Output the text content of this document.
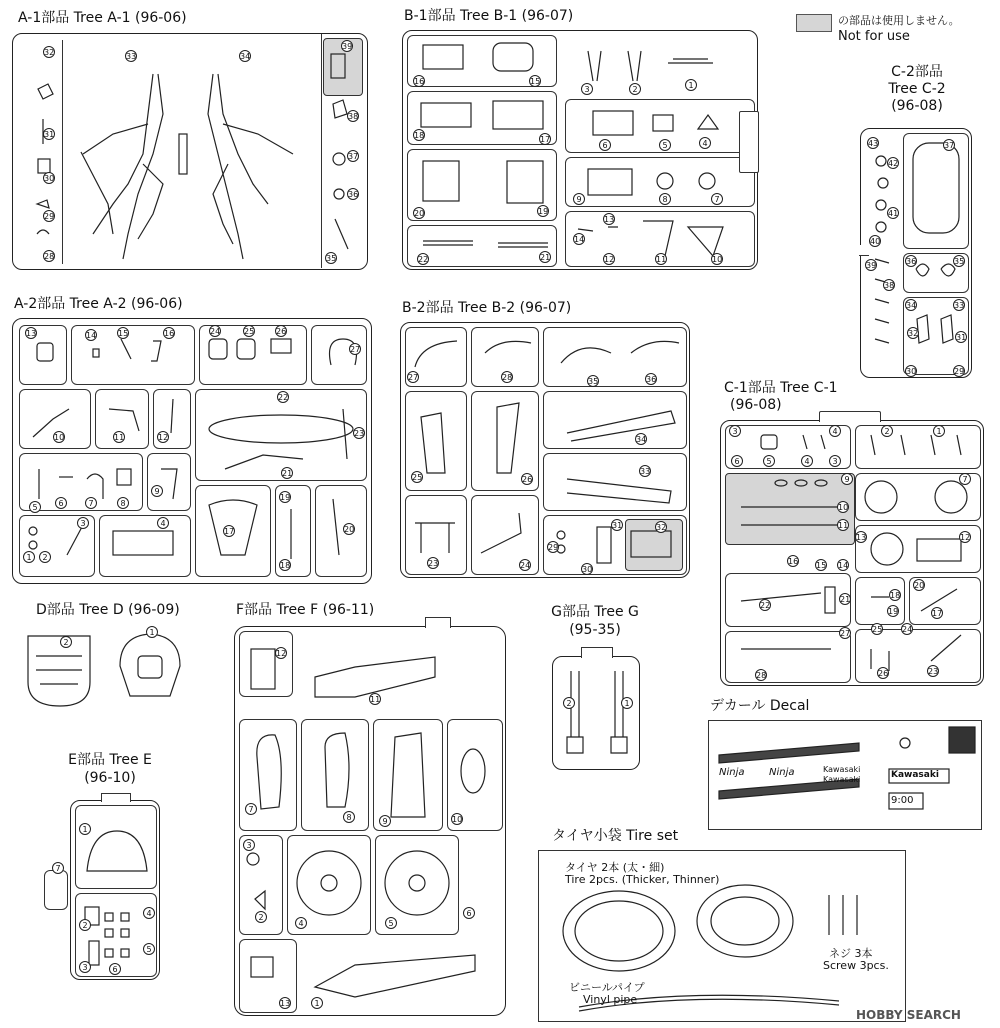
の部品は使用しません。
Not for use
A-1部品 Tree A-1 (96-06)
32
31
30
29
28
33	34
39
38
37
36
35
B-1部品 Tree B-1 (96-07)
16	15
3	2	1
18	17
6	5	4
20	19
9	8	7
13
14
12	11	10
22	21
C-2部品
Tree C-2
(96-08)
43
42
41
40
39
37
38
36	35
34	33
32	31
30	29
A-2部品 Tree A-2 (96-06)
13	14	15	16	24	25	26
27
10	11	12
22
23
21
5	6	7	8
9
17
19
18
20
1	2
3	4
B-2部品 Tree B-2 (96-07)
27	28	35	36
25	26
34
33
29
30
31	32
23	24
C-1部品 Tree C-1
(96-08)
3	4	2	1
6	5	4	3
9	7
10
11
16 15 14
13	12
22
21	18
19
20
17
27
28
25
26
24
23
D部品 Tree D (96-09)
2
1
E部品 Tree E
(96-10)
1
2
3
4
5
6
7
F部品 Tree F (96-11)
12
11
7
8	9	10
3
2
4	5
6
13	1
G部品 Tree G
(95-35)
2	1	デカール Decal
Ninja Ninja	Kawasaki
Kawasaki
9:00
Kawasaki
タイヤ小袋 Tire set
タイヤ 2本 (太・細)
Tire 2pcs. (Thicker, Thinner)
ネジ 3本
Screw 3pcs.
ビニールパイプ
Vinyl pipe
HOBBY SEARCH
